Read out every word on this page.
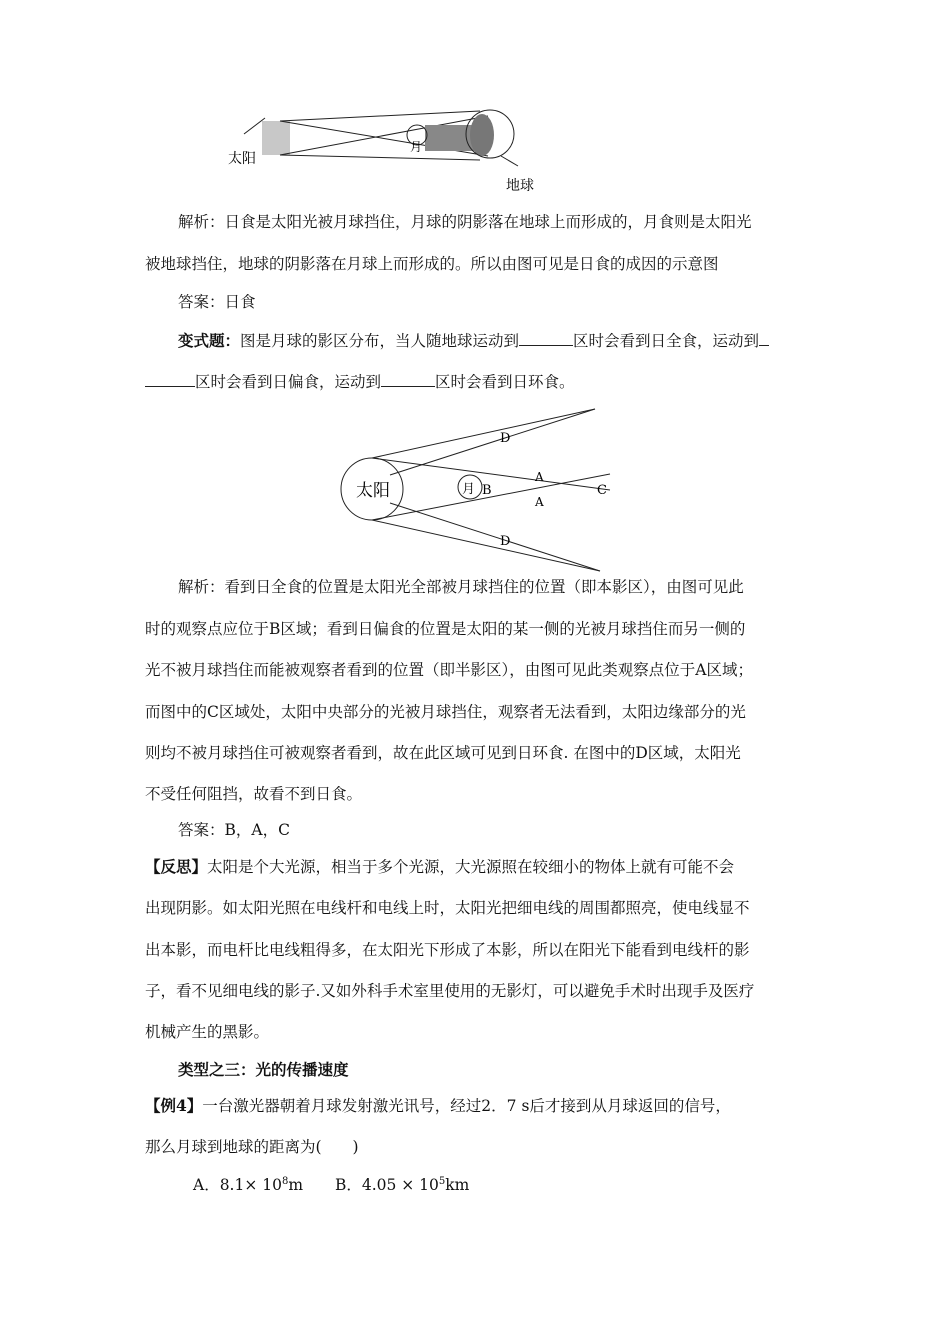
太阳
月
地球
解析：日食是太阳光被月球挡住，月球的阴影落在地球上而形成的，月食则是太阳光
被地球挡住，地球的阴影落在月球上而形成的。所以由图可见是日食的成因的示意图
答案：日食
变式题：图是月球的影区分布，当人随地球运动到	区时会看到日全食，运动到
区时会看到日偏食，运动到	区时会看到日环食。
太阳	月 B
A
A
C
D
D
解析：看到日全食的位置是太阳光全部被月球挡住的位置（即本影区），由图可见此
时的观察点应位于B区域；看到日偏食的位置是太阳的某一侧的光被月球挡住而另一侧的
光不被月球挡住而能被观察者看到的位置（即半影区），由图可见此类观察点位于A区域；
而图中的C区域处，太阳中央部分的光被月球挡住，观察者无法看到，太阳边缘部分的光
则均不被月球挡住可被观察者看到，故在此区域可见到日环食. 在图中的D区域，太阳光
不受任何阻挡，故看不到日食。
答案：B，A，C
【反思】太阳是个大光源，相当于多个光源，大光源照在较细小的物体上就有可能不会
出现阴影。如太阳光照在电线杆和电线上时，太阳光把细电线的周围都照亮，使电线显不
出本影，而电杆比电线粗得多，在太阳光下形成了本影，所以在阳光下能看到电线杆的影
子，看不见细电线的影子.又如外科手术室里使用的无影灯，可以避免手术时出现手及医疗
机械产生的黑影。
类型之三：光的传播速度
【例4】一台激光器朝着月球发射激光讯号，经过2．7 s后才接到从月球返回的信号，
那么月球到地球的距离为(　　)
A．$8.1\times 10^8m$ B．$4.05 \times 10^5km$
